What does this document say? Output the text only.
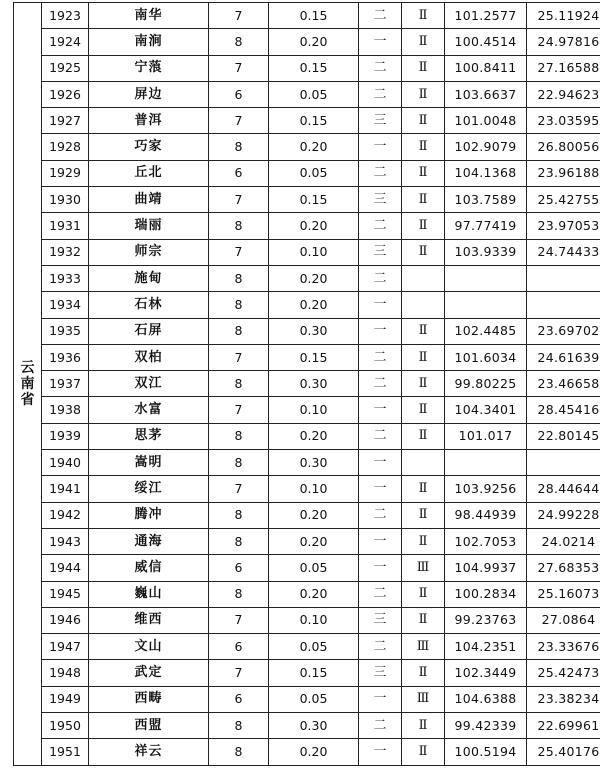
云南省	1923	南华	7	0.15	二	Ⅱ	101.2577	25.11924
	1924	南涧	8	0.20	一	Ⅱ	100.4514	24.97816
	1925	宁蒗	7	0.15	二	Ⅱ	100.8411	27.16588
	1926	屏边	6	0.05	二	Ⅱ	103.6637	22.94623
	1927	普洱	7	0.15	三	Ⅱ	101.0048	23.03595
	1928	巧家	8	0.20	一	Ⅱ	102.9079	26.80056
	1929	丘北	6	0.05	二	Ⅱ	104.1368	23.96188
	1930	曲靖	7	0.15	三	Ⅱ	103.7589	25.42755
	1931	瑞丽	8	0.20	二	Ⅱ	97.77419	23.97053
	1932	师宗	7	0.10	三	Ⅱ	103.9339	24.74433
	1933	施甸	8	0.20	二			
	1934	石林	8	0.20	一			
	1935	石屏	8	0.30	一	Ⅱ	102.4485	23.69702
	1936	双柏	7	0.15	二	Ⅱ	101.6034	24.61639
	1937	双江	8	0.30	二	Ⅱ	99.80225	23.46658
	1938	水富	7	0.10	一	Ⅱ	104.3401	28.45416
	1939	思茅	8	0.20	二	Ⅱ	101.017	22.80145
	1940	嵩明	8	0.30	一			
	1941	绥江	7	0.10	一	Ⅱ	103.9256	28.44644
	1942	腾冲	8	0.20	二	Ⅱ	98.44939	24.99228
	1943	通海	8	0.20	一	Ⅱ	102.7053	24.0214
	1944	威信	6	0.05	一	Ⅲ	104.9937	27.68353
	1945	巍山	8	0.20	二	Ⅱ	100.2834	25.16073
	1946	维西	7	0.10	三	Ⅱ	99.23763	27.0864
	1947	文山	6	0.05	二	Ⅲ	104.2351	23.33676
	1948	武定	7	0.15	三	Ⅱ	102.3449	25.42473
	1949	西畴	6	0.05	一	Ⅲ	104.6388	23.38234
	1950	西盟	8	0.30	二	Ⅱ	99.42339	22.69961
	1951	祥云	8	0.20	一	Ⅱ	100.5194	25.40176
